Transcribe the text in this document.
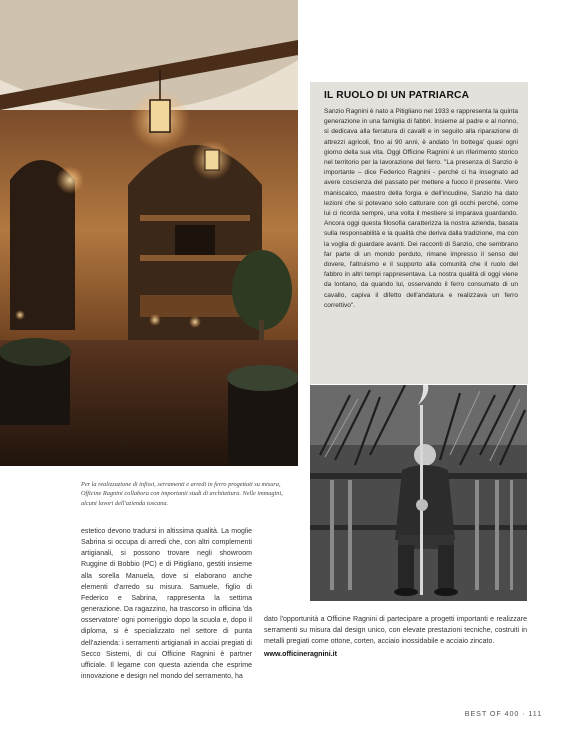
IL RUOLO DI UN PATRIARCA

Sanzio Ragnini è nato a Pitigliano nel 1933 e rappresenta la quinta generazione in una famiglia di fabbri. Insieme al padre e al nonno, si dedicava alla ferratura di cavalli e in seguito alla riparazione di attrezzi agricoli, fino ai 90 anni, è andato 'in bottega' quasi ogni giorno della sua vita. Oggi Officine Ragnini è un riferimento storico nel territorio per la lavorazione del ferro. "La presenza di Sanzio è importante – dice Federico Ragnini - perché ci ha insegnato ad avere coscienza del passato per mettere a fuoco il presente. Vero maniscalco, maestro della forgia e dell'incudine, Sanzio ha dato lezioni che si potevano solo catturare con gli occhi perché, come lui ci ricorda sempre, una volta il mestiere si imparava guardando. Ancora oggi questa filosofia caratterizza la nostra azienda, basata sulla responsabilità e la qualità che deriva dalla tradizione, ma con la voglia di guardare avanti. Dei racconti di Sanzio, che sembrano far parte di un mondo perduto, rimane impresso il senso del dovere, l'altruismo e il supporto alla comunità che il ruolo del fabbro in altri tempi rappresentava. La nostra qualità di oggi viene da lontano, da quando lui, osservando il ferro consumato di un cavallo, capiva il difetto dell'andatura e realizzava un ferro correttivo".

Per la realizzazione di infissi, serramenti e arredi in ferro progettati su misura, Officine Ragnini collabora con importanti studi di architettura. Nelle immagini, alcuni lavori dell'azienda toscana.

estetico devono tradursi in altissima qualità. La moglie Sabrina si occupa di arredi che, con altri complementi artigianali, si possono trovare negli showroom Ruggine di Bobbio (PC) e di Pitigliano, gestiti insieme alla sorella Manuela, dove si elaborano anche elementi d'arredo su misura. Samuele, figlio di Federico e Sabrina, rappresenta la settima generazione. Da ragazzino, ha trascorso in officina 'da osservatore' ogni pomeriggio dopo la scuola e, dopo il diploma, si è specializzato nel settore di punta dell'azienda: i serramenti artigianali in acciai pregiati di Secco Sistemi, di cui Officine Ragnini è partner ufficiale. Il legame con questa azienda che esprime innovazione e design nel mondo del serramento, ha

dato l'opportunità a Officine Ragnini di partecipare a progetti importanti e realizzare serramenti su misura dal design unico, con elevate prestazioni tecniche, costruiti in metalli pregiati come ottone, corten, acciaio inossidabile e acciaio zincato.
www.officineragnini.it
BEST OF 400 · 111
